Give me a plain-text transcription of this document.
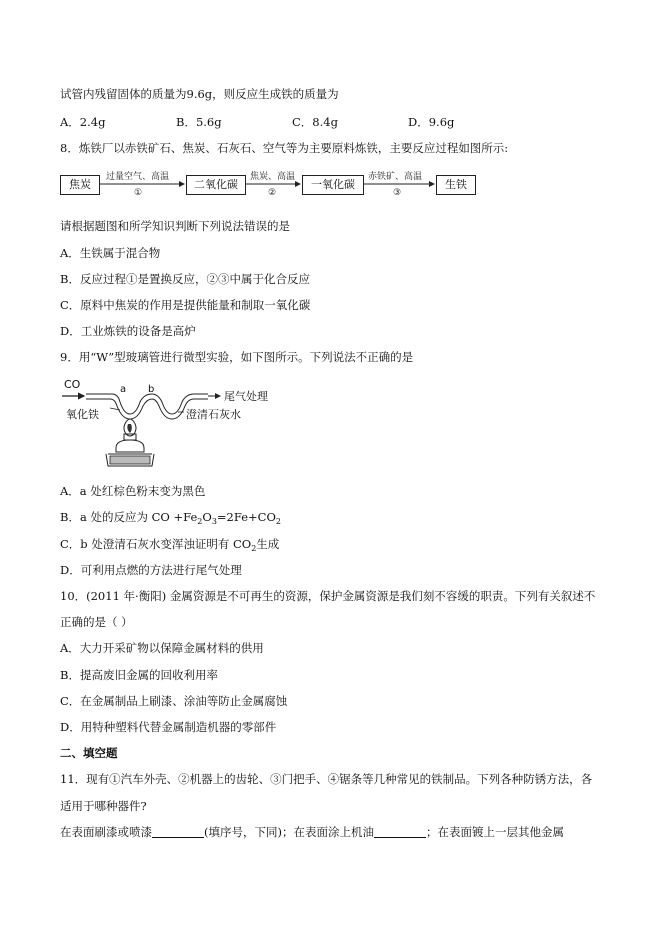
试管内残留固体的质量为9.6g，则反应生成铁的质量为
A．2.4g	B．5.6g	C．8.4g	D．9.6g
8．炼铁厂以赤铁矿石、焦炭、石灰石、空气等为主要原料炼铁，主要反应过程如图所示:
焦炭
过量空气、高温
①
二氧化碳
焦炭、高温
②
一氧化碳
赤铁矿、高温
③
生铁
请根据题图和所学知识判断下列说法错误的是
A．生铁属于混合物
B．反应过程①是置换反应，②③中属于化合反应
C．原料中焦炭的作用是提供能量和制取一氧化碳
D．工业炼铁的设备是高炉
9．用“W”型玻璃管进行微型实验，如下图所示。下列说法不正确的是
CO	a b
尾气处理
氧化铁	澄清石灰水
A．a 处红棕色粉末变为黑色
B．a 处的反应为 CO $+Fe_2O_3=2Fe+CO_2$
C．b 处澄清石灰水变浑浊证明有 $CO_2$生成
D．可利用点燃的方法进行尾气处理
10．(2011 年·衡阳) 金属资源是不可再生的资源，保护金属资源是我们刻不容缓的职责。下列有关叙述不
正确的是（ ）
A．大力开采矿物以保障金属材料的供用
B．提高废旧金属的回收利用率
C．在金属制品上刷漆、涂油等防止金属腐蚀
D．用特种塑料代替金属制造机器的零部件
二、填空题
11．现有①汽车外壳、②机器上的齿轮、③门把手、④锯条等几种常见的铁制品。下列各种防锈方法，各
适用于哪种器件?
在表面刷漆或喷漆	(填序号，下同)；在表面涂上机油	；在表面镀上一层其他金属
